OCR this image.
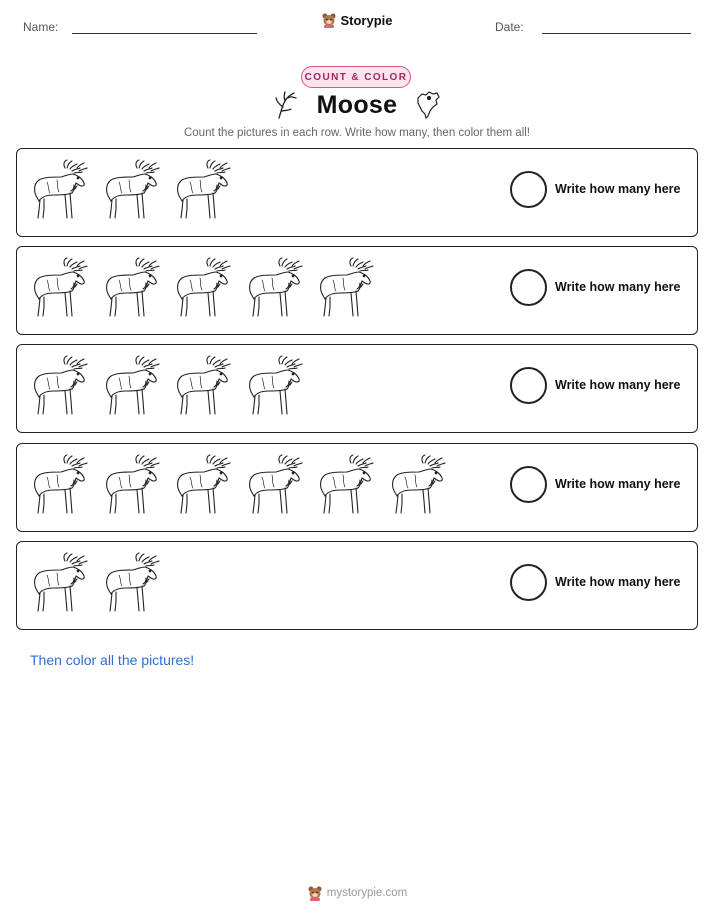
Name:	Storypie	Date:
COUNT & COLOR
Moose
Count the pictures in each row. Write how many, then color them all!
Write how many here
Write how many here
Write how many here
Write how many here
Write how many here
Then color all the pictures!
mystorypie.com
